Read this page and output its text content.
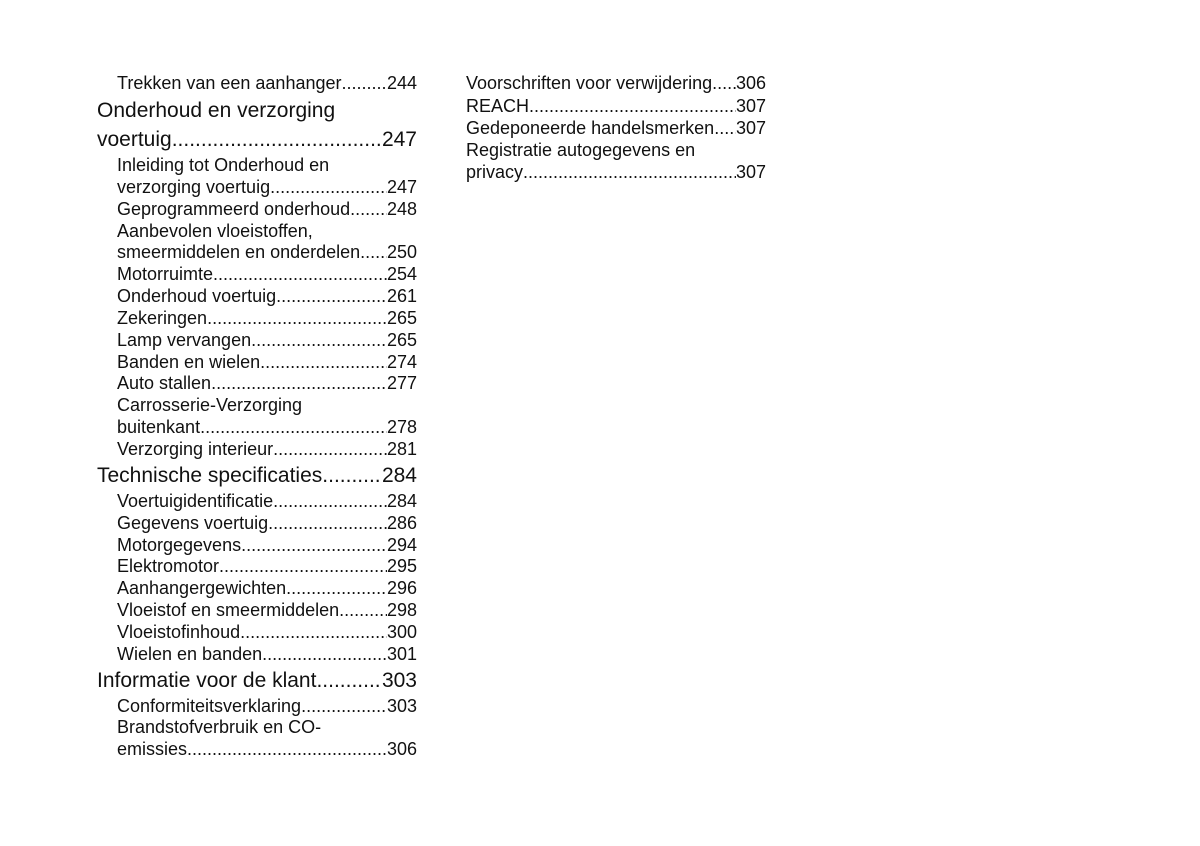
Trekken van een aanhanger .....	244
Onderhoud en verzorging
voertuig .....	247
Inleiding tot Onderhoud en
verzorging voertuig .....	247
Geprogrammeerd onderhoud ..... 248
Aanbevolen vloeistoffen,
smeermiddelen en onderdelen ..... 250
Motorruimte .....	254
Onderhoud voertuig .....	261
Zekeringen .....	265
Lamp vervangen .....	265
Banden en wielen .....	274
Auto stallen .....	277
Carrosserie-Verzorging
buitenkant .....	278
Verzorging interieur .....	281
Technische specificaties .....	284
Voertuigidentificatie .....	284
Gegevens voertuig .....	286
Motorgegevens .....	294
Elektromotor .....	295
Aanhangergewichten .....	296
Vloeistof en smeermiddelen .....	298
Vloeistofinhoud .....	300
Wielen en banden .....	301
Informatie voor de klant .....	303
Conformiteitsverklaring .....	303
Brandstofverbruik en CO-
emissies .....	306
Voorschriften voor verwijdering ..... 306
REACH .....	307
Gedeponeerde handelsmerken ..... 307
Registratie autogegevens en
privacy .....	307
